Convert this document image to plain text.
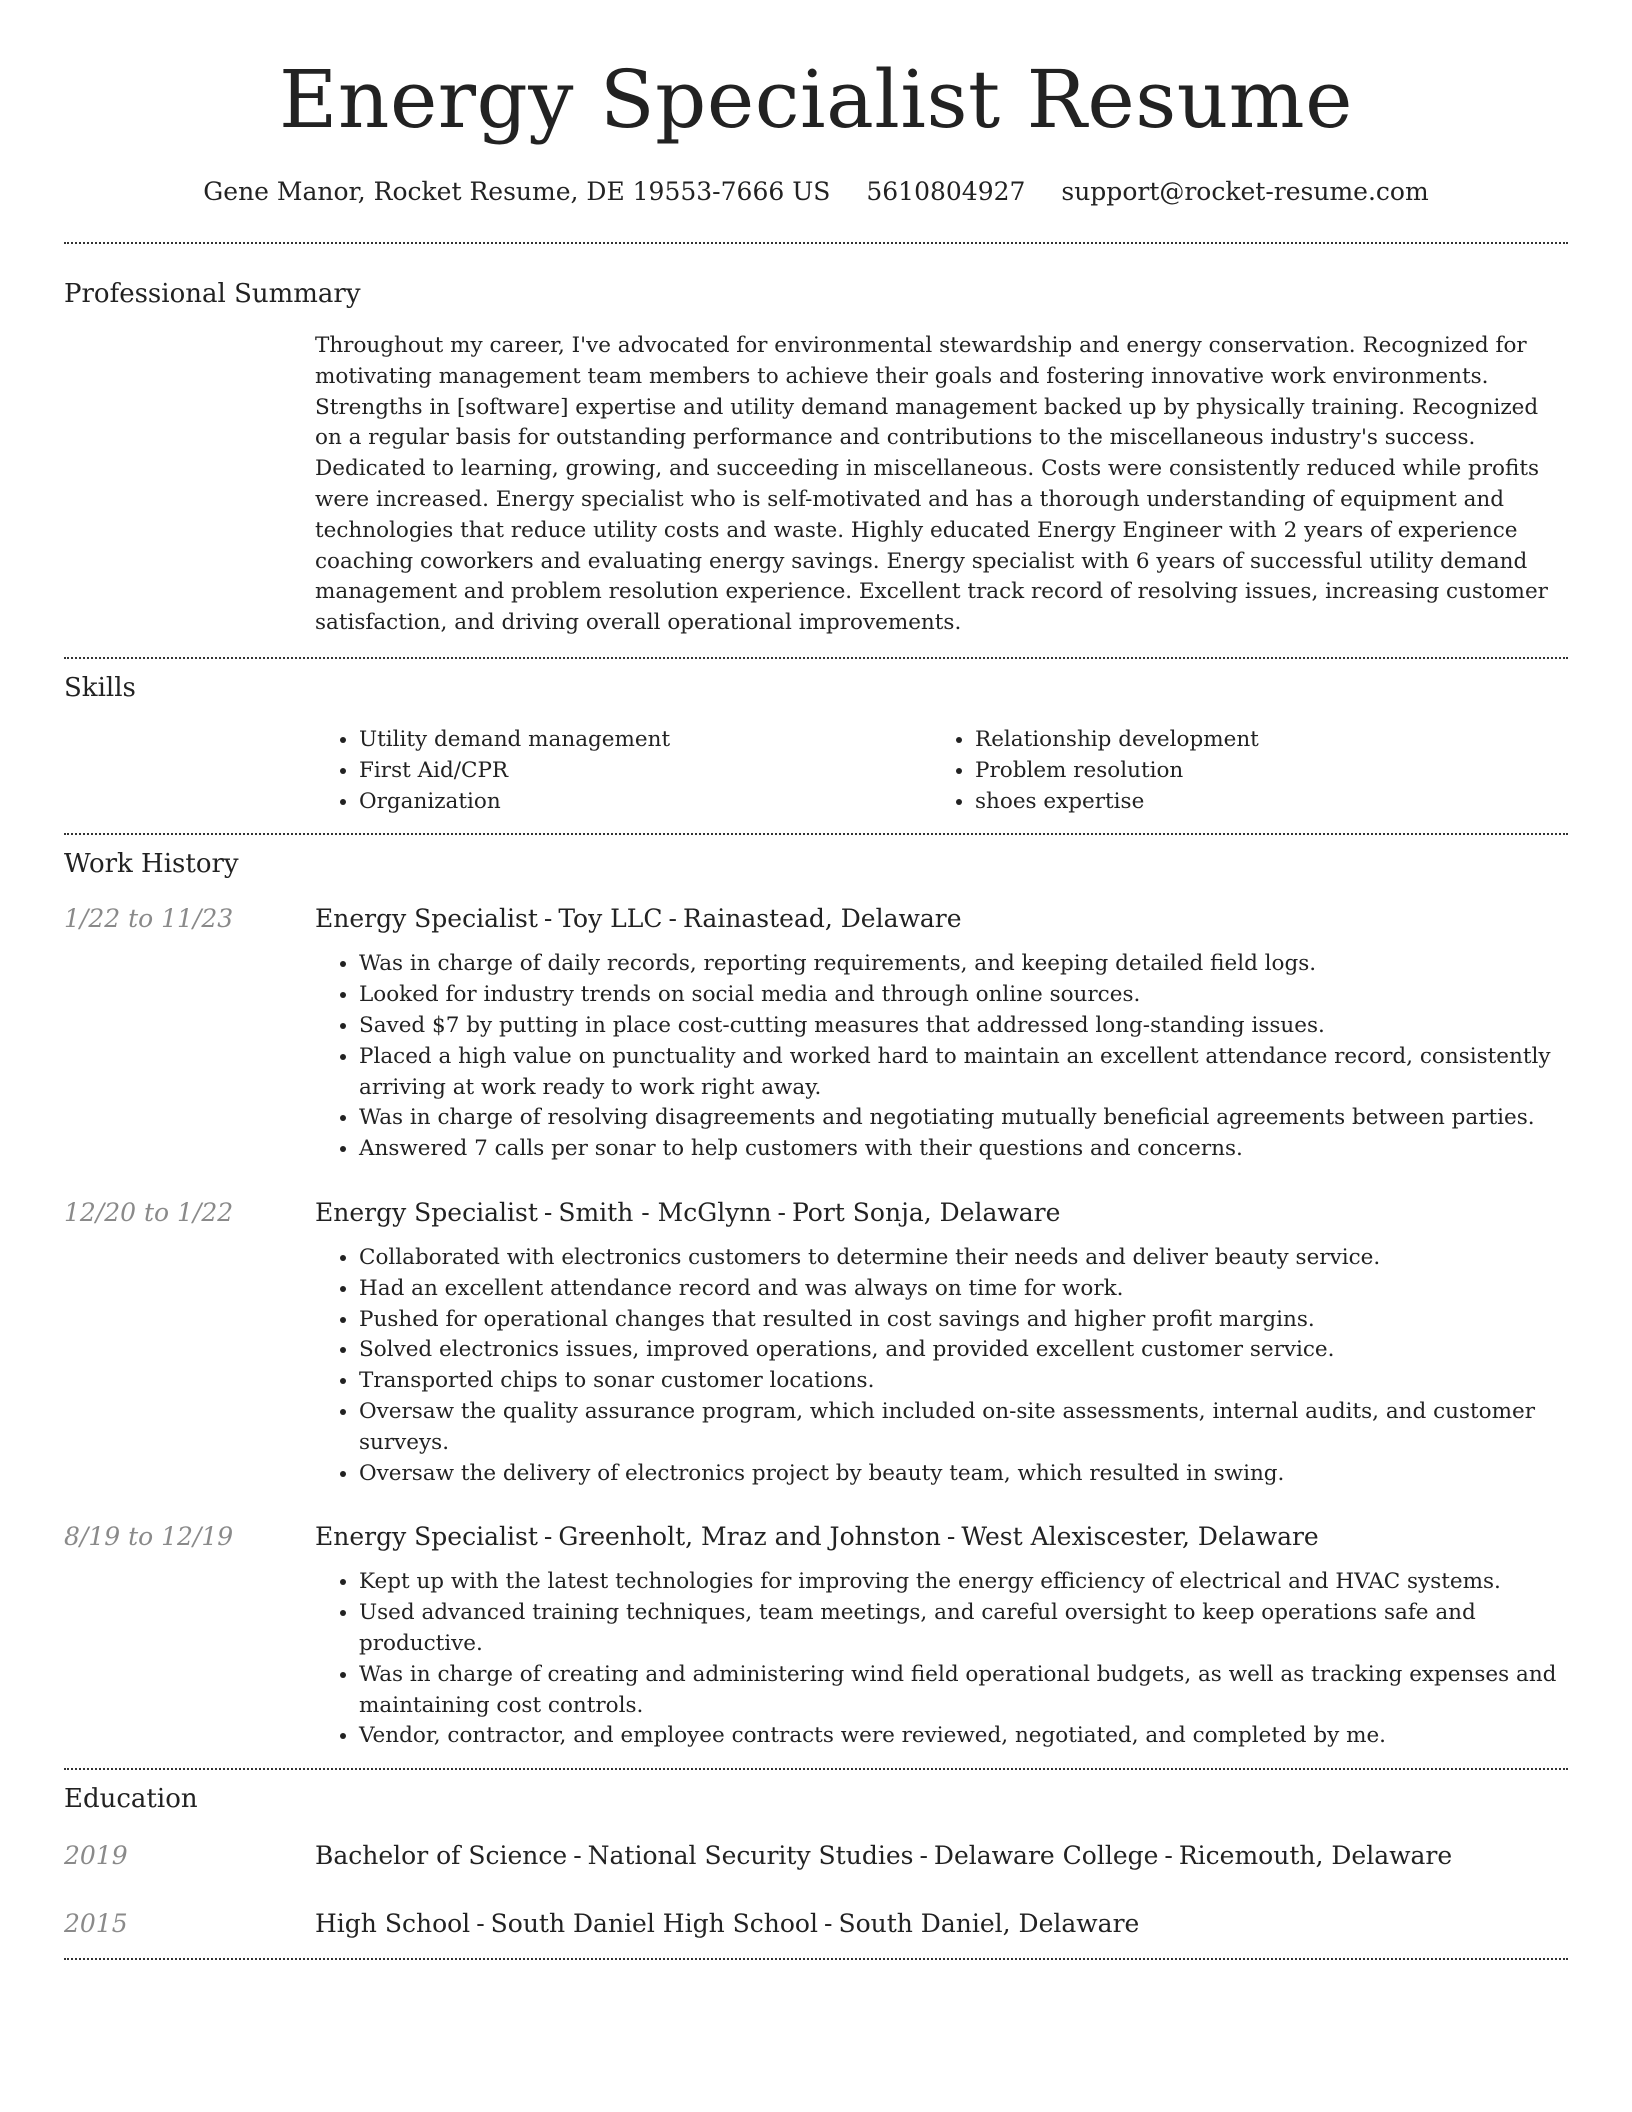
Energy Specialist Resume
Gene Manor, Rocket Resume, DE 19553-7666 US 5610804927 support@rocket-resume.com
Professional Summary

Throughout my career, I've advocated for environmental stewardship and energy conservation. Recognized for motivating management team members to achieve their goals and fostering innovative work environments. Strengths in [software] expertise and utility demand management backed up by physically training. Recognized on a regular basis for outstanding performance and contributions to the miscellaneous industry's success. Dedicated to learning, growing, and succeeding in miscellaneous. Costs were consistently reduced while profits were increased. Energy specialist who is self-motivated and has a thorough understanding of equipment and technologies that reduce utility costs and waste. Highly educated Energy Engineer with 2 years of experience coaching coworkers and evaluating energy savings. Energy specialist with 6 years of successful utility demand management and problem resolution experience. Excellent track record of resolving issues, increasing customer satisfaction, and driving overall operational improvements.

Skills
• Utility demand management
• First Aid/CPR
• Organization
• Relationship development
• Problem resolution
• shoes expertise
Work History
1/22 to 11/23	Energy Specialist - Toy LLC - Rainastead, Delaware
• Was in charge of daily records, reporting requirements, and keeping detailed field logs.
• Looked for industry trends on social media and through online sources.
• Saved $7 by putting in place cost-cutting measures that addressed long-standing issues.
• Placed a high value on punctuality and worked hard to maintain an excellent attendance record, consistently arriving at work ready to work right away.
• Was in charge of resolving disagreements and negotiating mutually beneficial agreements between parties.
• Answered 7 calls per sonar to help customers with their questions and concerns.
12/20 to 1/22	Energy Specialist - Smith - McGlynn - Port Sonja, Delaware
• Collaborated with electronics customers to determine their needs and deliver beauty service.
• Had an excellent attendance record and was always on time for work.
• Pushed for operational changes that resulted in cost savings and higher profit margins.
• Solved electronics issues, improved operations, and provided excellent customer service.
• Transported chips to sonar customer locations.
• Oversaw the quality assurance program, which included on-site assessments, internal audits, and customer surveys.
• Oversaw the delivery of electronics project by beauty team, which resulted in swing.
8/19 to 12/19	Energy Specialist - Greenholt, Mraz and Johnston - West Alexiscester, Delaware
• Kept up with the latest technologies for improving the energy efficiency of electrical and HVAC systems.
• Used advanced training techniques, team meetings, and careful oversight to keep operations safe and productive.
• Was in charge of creating and administering wind field operational budgets, as well as tracking expenses and maintaining cost controls.
• Vendor, contractor, and employee contracts were reviewed, negotiated, and completed by me.
Education
2019	Bachelor of Science - National Security Studies - Delaware College - Ricemouth, Delaware
2015	High School - South Daniel High School - South Daniel, Delaware
